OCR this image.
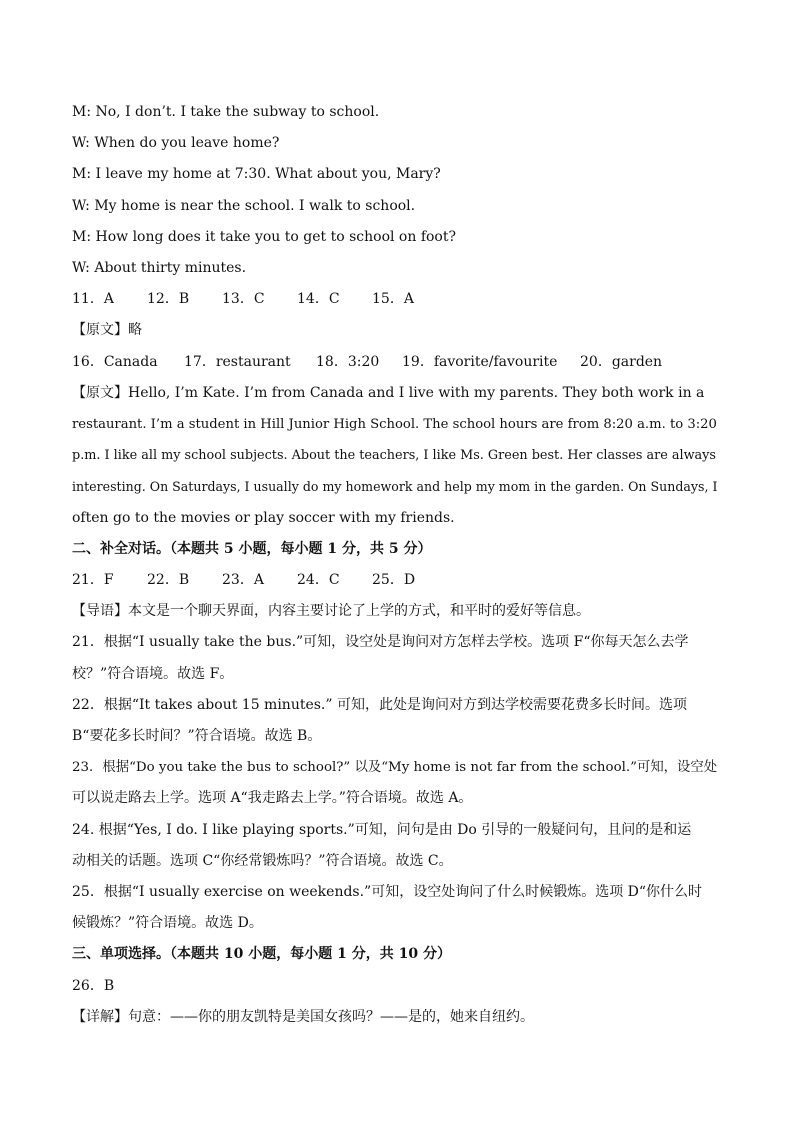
M: No, I don’t. I take the subway to school.

W: When do you leave home?

M: I leave my home at 7:30. What about you, Mary?

W: My home is near the school. I walk to school.

M: How long does it take you to get to school on foot?

W: About thirty minutes.

11．A 12．B 13．C 14．C 15．A

【原文】略

16．Canada 17．restaurant 18．3:20 19．favorite/favourite 20．garden

【原文】Hello, I’m Kate. I’m from Canada and I live with my parents. They both work in a

restaurant. I’m a student in Hill Junior High School. The school hours are from 8:20 a.m. to 3:20

p.m. I like all my school subjects. About the teachers, I like Ms. Green best. Her classes are always

interesting. On Saturdays, I usually do my homework and help my mom in the garden. On Sundays, I

often go to the movies or play soccer with my friends.

二、补全对话。（本题共 5 小题，每小题 1 分，共 5 分）

21．F 22．B 23．A 24．C 25．D

【导语】本文是一个聊天界面，内容主要讨论了上学的方式，和平时的爱好等信息。

21．根据“I usually take the bus.”可知，设空处是询问对方怎样去学校。选项 F“你每天怎么去学

校？”符合语境。故选 F。

22．根据“It takes about 15 minutes.” 可知，此处是询问对方到达学校需要花费多长时间。选项

B“要花多长时间？”符合语境。故选 B。

23．根据“Do you take the bus to school?” 以及“My home is not far from the school.”可知，设空处

可以说走路去上学。选项 A“我走路去上学。”符合语境。故选 A。

24. 根据“Yes, I do. I like playing sports.”可知，问句是由 Do 引导的一般疑问句，且问的是和运

动相关的话题。选项 C“你经常锻炼吗？”符合语境。故选 C。

25．根据“I usually exercise on weekends.”可知，设空处询问了什么时候锻炼。选项 D“你什么时

候锻炼？”符合语境。故选 D。

三、单项选择。（本题共 10 小题，每小题 1 分，共 10 分）

26．B

【详解】句意：——你的朋友凯特是美国女孩吗？——是的，她来自纽约。
